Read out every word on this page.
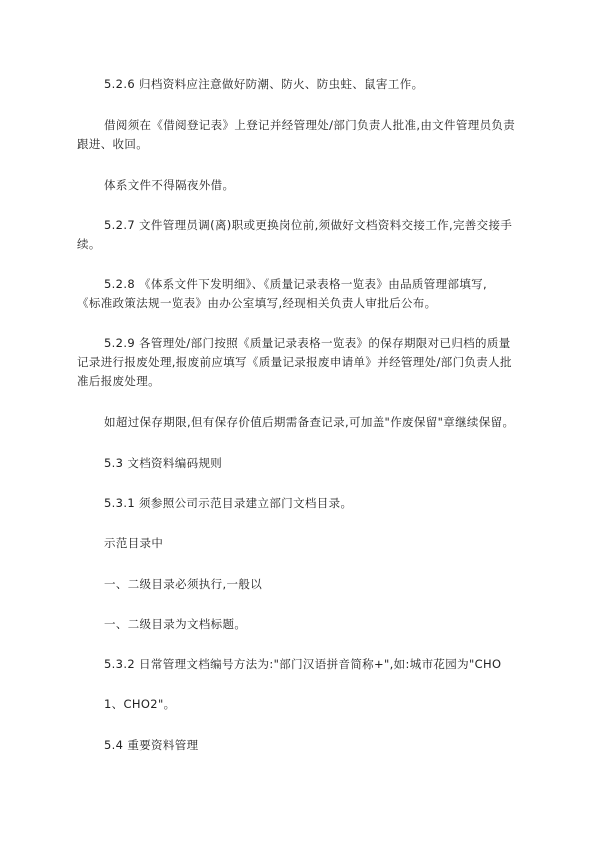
5.2.6 归档资料应注意做好防潮、防火、防虫蛀、鼠害工作。

借阅须在《借阅登记表》上登记并经管理处/部门负责人批准,由文件管理员负责

跟进、收回。

体系文件不得隔夜外借。

5.2.7 文件管理员调(离)职或更换岗位前,须做好文档资料交接工作,完善交接手

续。

5.2.8 《体系文件下发明细》、《质量记录表格一览表》由品质管理部填写,

《标准政策法规一览表》由办公室填写,经现相关负责人审批后公布。

5.2.9 各管理处/部门按照《质量记录表格一览表》的保存期限对已归档的质量

记录进行报废处理,报废前应填写《质量记录报废申请单》并经管理处/部门负责人批

准后报废处理。

如超过保存期限,但有保存价值后期需备查记录,可加盖"作废保留"章继续保留。

5.3 文档资料编码规则

5.3.1 须参照公司示范目录建立部门文档目录。

示范目录中

一、二级目录必须执行,一般以

一、二级目录为文档标题。

5.3.2 日常管理文档编号方法为:"部门汉语拼音简称+",如:城市花园为"CHO

1、CHO2"。

5.4 重要资料管理
